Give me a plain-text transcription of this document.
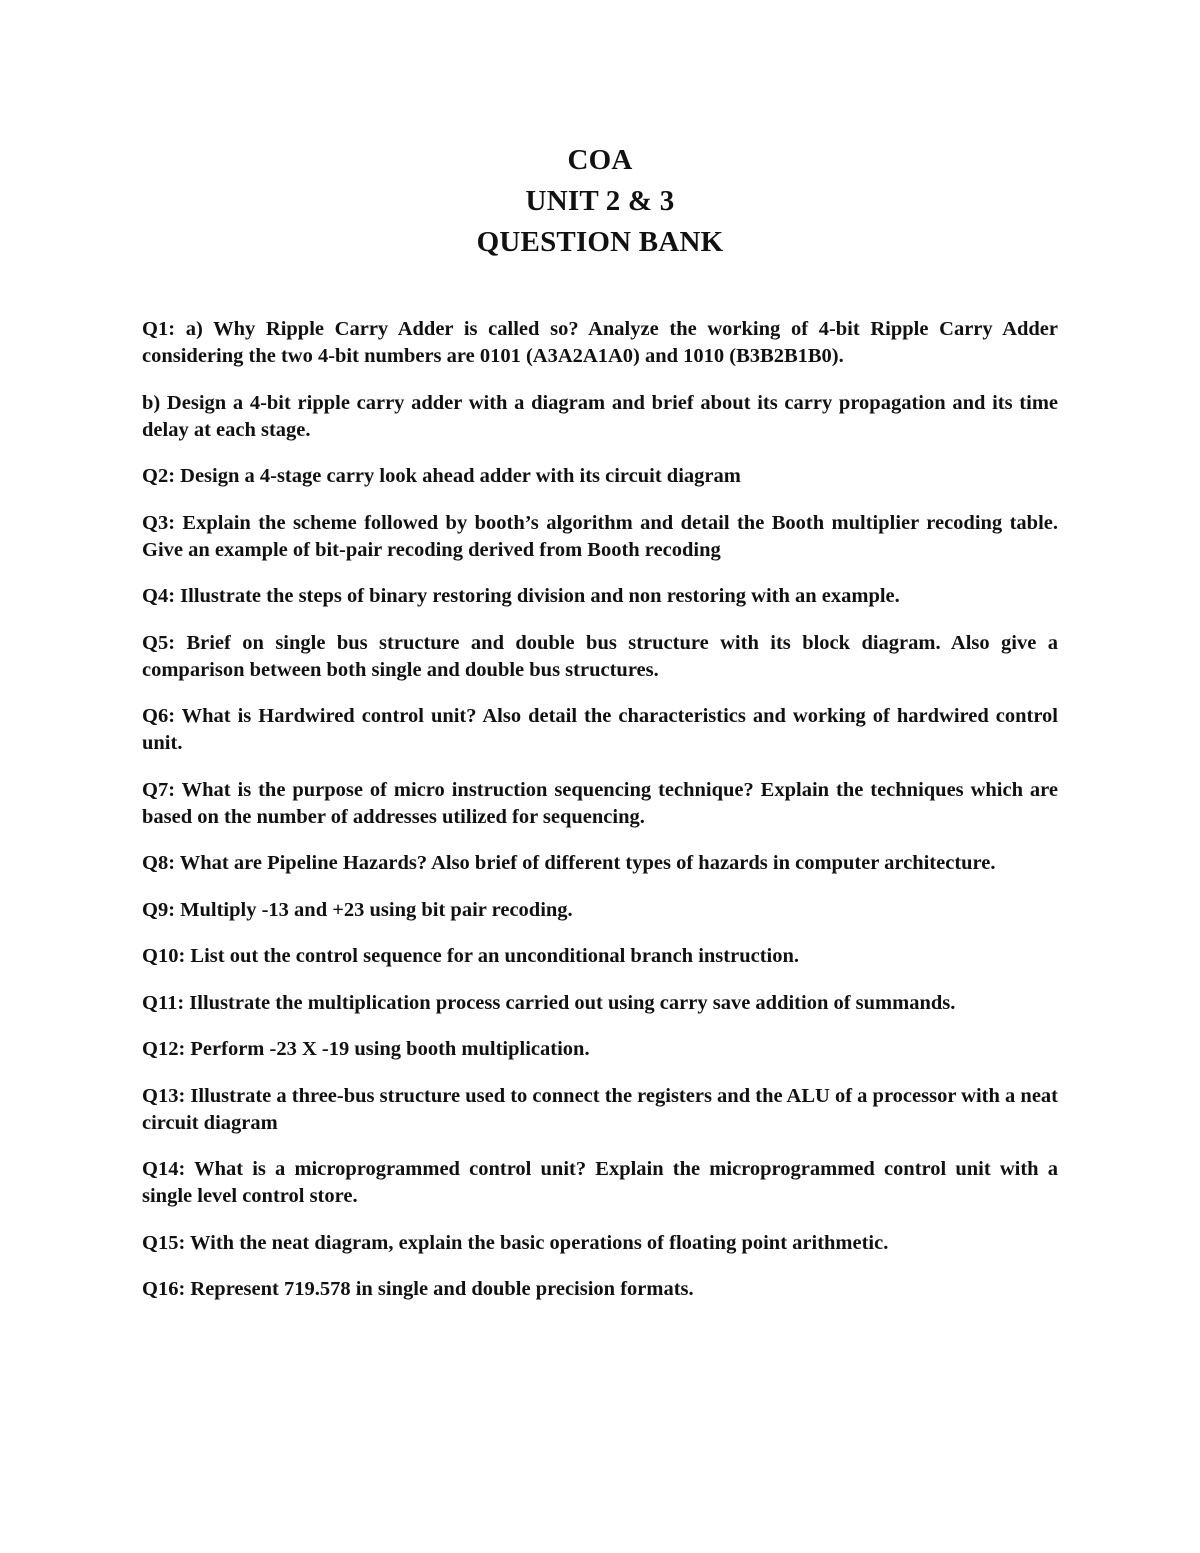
COA
UNIT 2 & 3
QUESTION BANK

Q1: a) Why Ripple Carry Adder is called so? Analyze the working of 4-bit Ripple Carry Adder considering the two 4-bit numbers are 0101 (A3A2A1A0) and 1010 (B3B2B1B0).

b) Design a 4-bit ripple carry adder with a diagram and brief about its carry propagation and its time delay at each stage.

Q2: Design a 4-stage carry look ahead adder with its circuit diagram

Q3: Explain the scheme followed by booth’s algorithm and detail the Booth multiplier recoding table. Give an example of bit-pair recoding derived from Booth recoding

Q4: Illustrate the steps of binary restoring division and non restoring with an example.

Q5: Brief on single bus structure and double bus structure with its block diagram. Also give a comparison between both single and double bus structures.

Q6: What is Hardwired control unit? Also detail the characteristics and working of hardwired control unit.

Q7: What is the purpose of micro instruction sequencing technique? Explain the techniques which are based on the number of addresses utilized for sequencing.

Q8: What are Pipeline Hazards? Also brief of different types of hazards in computer architecture.

Q9: Multiply -13 and +23 using bit pair recoding.

Q10: List out the control sequence for an unconditional branch instruction.

Q11: Illustrate the multiplication process carried out using carry save addition of summands.

Q12: Perform -23 X -19 using booth multiplication.

Q13: Illustrate a three-bus structure used to connect the registers and the ALU of a processor with a neat circuit diagram

Q14: What is a microprogrammed control unit? Explain the microprogrammed control unit with a single level control store.

Q15: With the neat diagram, explain the basic operations of floating point arithmetic.

Q16: Represent 719.578 in single and double precision formats.
